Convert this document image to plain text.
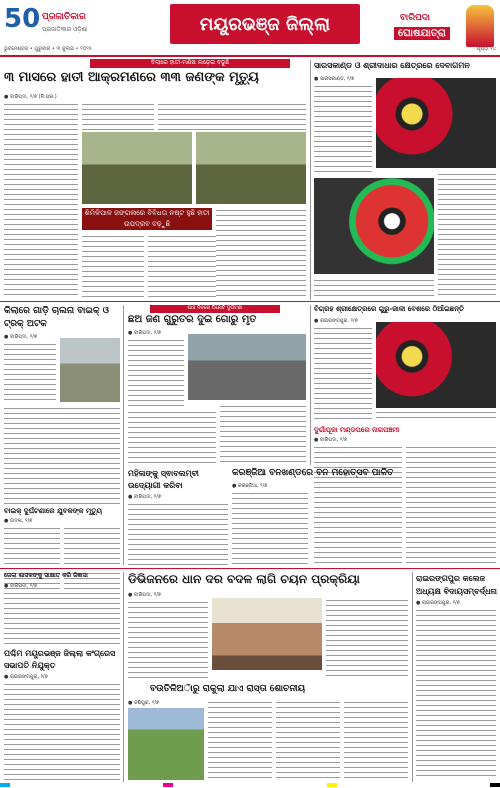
50 ପ୍ରଜାତିକାର
ପ୍ରଜାତିକାର ଓଡ଼ିଶା	ମୟୂରଭଞ୍ଜ ଜିଲ୍ଲା	ବାରିପଦା
ଘୋଷଯାତ୍ରା
ଭୁବନେଶ୍ବର • ଗୁରୁବାର • ୩ ଜୁଲାଇ • ୨୦୨୫	ପୃଷ୍ଠା ୧୪
ବିଲାରେ ହାତୀ-ମଣିଷ ଲଢ଼େଇ ବଢୁଛି
୩ ମାସରେ ହାତୀ ଆକ୍ରମଣରେ ୩୩ ଜଣଙ୍କ ମୃତ୍ୟୁ
● ବାରିପଦା, ୨/୭ (ନି.ପ୍ର.)
ଶିମିଳିପାଳ ଜଙ୍ଗଲରେ ବିବିଧତା ନଷ୍ଟ ହୁଛି ହାତୀ ଉପଦ୍ରବ ବଢ଼ୁଛି
ସାରସକାଣ୍ଡ ଓ ଶ୍ରୀଦାଧାର କ୍ଷେତ୍ରରେ ଦେବାଗମନ
● ସାରସକାଣ୍ଡ, ୨/୭
କିଲାରେ ଗାଡ଼ି ଚାଲନା ବାଇକ୍ ଓ ଟ୍ରକ୍ ଅଟକ
● ବାରିପଦା, ୨/୭
ପାଞ୍ଚ ଦିନରେ ତିନୋଟି ଦୁର୍ଘଟଣା
ଛଅ ଜଣ ଗୁରୁତର ଦୁଇ ଗୋରୁ ମୃତ
● ବାରିପଦା, ୨/୭
ବିଗ୍ରହ ଶ୍ରୀକ୍ଷେତ୍ରରେ ଗୁରୁ-ଜାଳୀ ବେଶରେ ଠିଆଁଇଛନ୍ତି
● ରାଇରଙ୍ଗପୁର, ୨/୭
ଦୁର୍ଗାପୂଜା ମଣ୍ଡପରେ ନାଗପଞ୍ଚମୀ
● ବାରିପଦା, ୨/୭
ବାଇକ୍ ଦୁର୍ଘଟଣାରେ ଯୁବକଙ୍କ ମୃତ୍ୟୁ
● ଉଦଳା, ୨/୭
ମହିଳାଙ୍କୁ ସ୍ଵାବଲମ୍ବୀ ଉଦ୍ୟୋଗୀ କରିବା
● ବାରିପଦା, ୨/୭
କରଞ୍ଜିଆ ବନଖଣ୍ଡରେ ବନ ମହୋତ୍ସବ ପାଳିତ
● କରଞ୍ଜିଆ, ୨/୭
ଜେଲା ଶାସକଙ୍କୁ ସାକ୍ଷାତ କରି ଜିଜ୍ଞାସା
● ବାରିପଦା, ୨/୭	ଡିଭିଜନରେ ଧାନ ଦର ବଦଳ ଲାଗି ଚୟନ ପ୍ରକ୍ରିୟା
● ବାରିପଦା, ୨/୭
ରାଇରଙ୍ଗପୁର କଲେଜ ଅଧ୍ୟକ୍ଷ ବିଦାୟସମ୍ବର୍ଦ୍ଧନା
● ରାଇରଙ୍ଗପୁର, ୨/୭
ପଶ୍ଚିମ ମୟୂରଭଞ୍ଜ ଜିଲ୍ଲା କଂଗ୍ରେସ ସଭାପତି ନିଯୁକ୍ତ
● ରାଇରଙ୍ଗପୁର, ୨/୭
ବଉତିଳିଅାଁରୁ ରାକୁଲା ଯାଏ ରାସ୍ତା ଶୋଚନୀୟ
● ଜଶିପୁର, ୨/୭
